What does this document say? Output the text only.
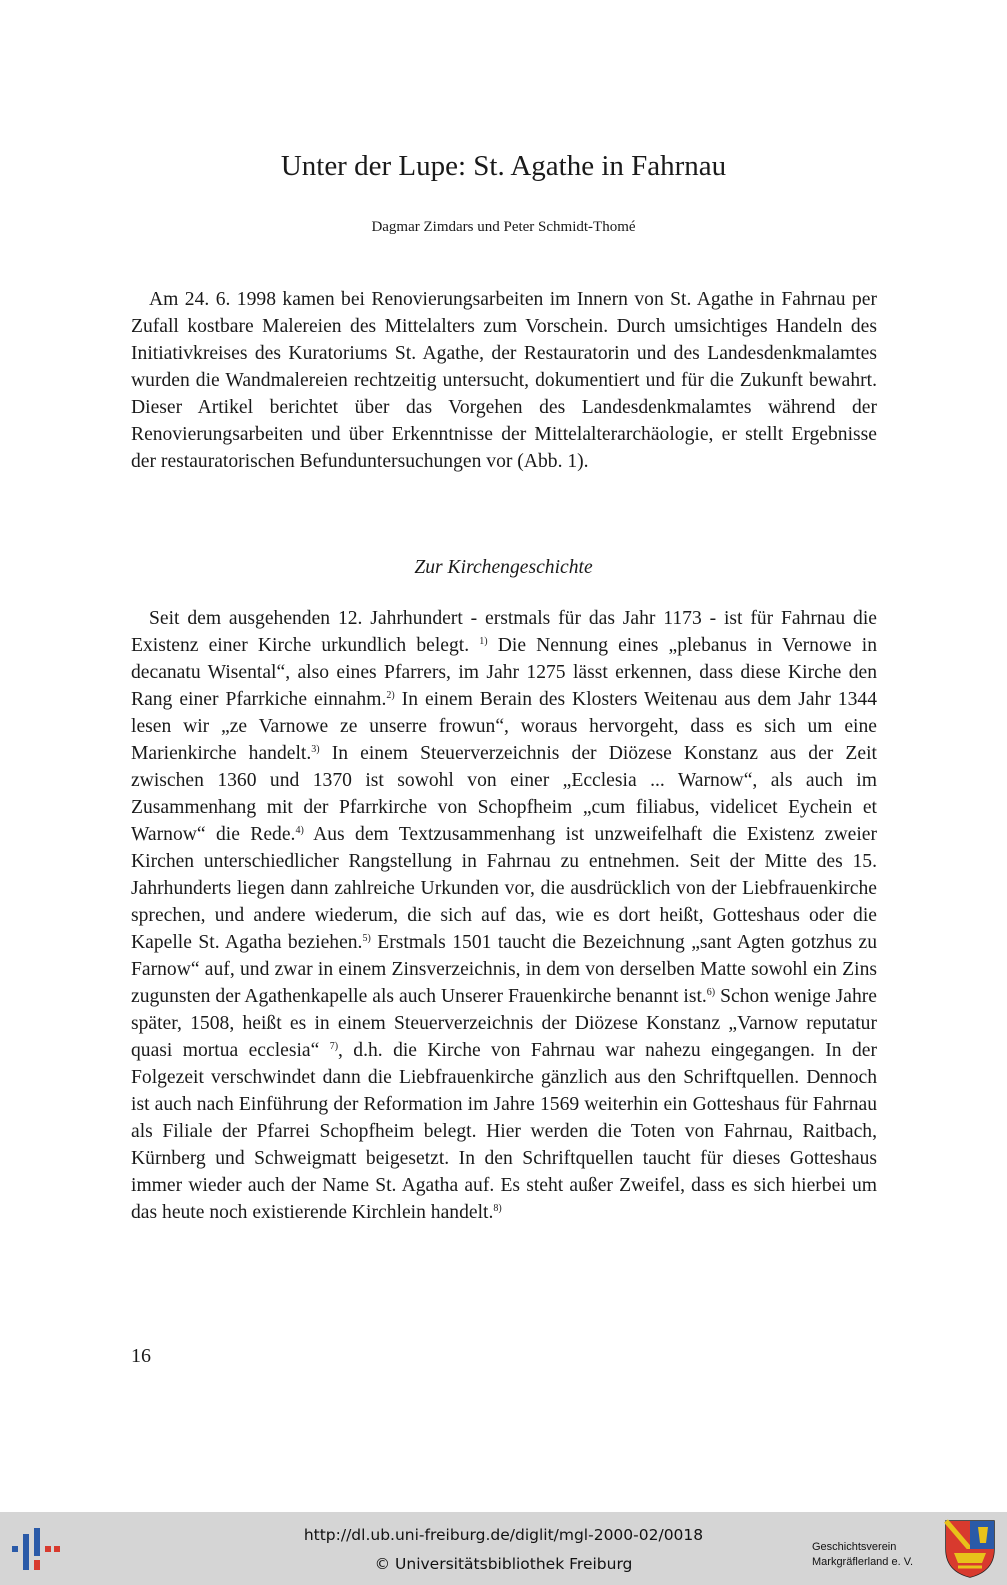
Unter der Lupe: St. Agathe in Fahrnau

Dagmar Zimdars und Peter Schmidt-Thomé

Am 24. 6. 1998 kamen bei Renovierungsarbeiten im Innern von St. Agathe in Fahrnau per Zufall kostbare Malereien des Mittelalters zum Vorschein. Durch umsichtiges Handeln des Initiativkreises des Kuratoriums St. Agathe, der Restauratorin und des Landesdenkmalamtes wurden die Wandmalereien rechtzeitig untersucht, dokumentiert und für die Zukunft bewahrt. Dieser Artikel berichtet über das Vorgehen des Landesdenkmalamtes während der Renovierungsarbeiten und über Erkenntnisse der Mittelalterarchäologie, er stellt Ergebnisse der restauratorischen Befunduntersuchungen vor (Abb. 1).

Zur Kirchengeschichte

Seit dem ausgehenden 12. Jahrhundert - erstmals für das Jahr 1173 - ist für Fahrnau die Existenz einer Kirche urkundlich belegt. $^{1)}$ Die Nennung eines „plebanus in Vernowe in decanatu Wisental“, also eines Pfarrers, im Jahr 1275 lässt erkennen, dass diese Kirche den Rang einer Pfarrkiche einnahm.$^{2)}$ In einem Berain des Klosters Weitenau aus dem Jahr 1344 lesen wir „ze Varnowe ze unserre frowun“, woraus hervorgeht, dass es sich um eine Marienkirche handelt.$^{3)}$ In einem Steuerverzeichnis der Diözese Konstanz aus der Zeit zwischen 1360 und 1370 ist sowohl von einer „Ecclesia ... Warnow“, als auch im Zusammenhang mit der Pfarrkirche von Schopfheim „cum filiabus, videlicet Eychein et Warnow“ die Rede.$^{4)}$ Aus dem Textzusammenhang ist unzweifelhaft die Existenz zweier Kirchen unterschiedlicher Rangstellung in Fahrnau zu entnehmen. Seit der Mitte des 15. Jahrhunderts liegen dann zahlreiche Urkunden vor, die ausdrücklich von der Liebfrauenkirche sprechen, und andere wiederum, die sich auf das, wie es dort heißt, Gotteshaus oder die Kapelle St. Agatha beziehen.$^{5)}$ Erstmals 1501 taucht die Bezeichnung „sant Agten gotzhus zu Farnow“ auf, und zwar in einem Zinsverzeichnis, in dem von derselben Matte sowohl ein Zins zugunsten der Agathenkapelle als auch Unserer Frauenkirche benannt ist.$^{6)}$ Schon wenige Jahre später, 1508, heißt es in einem Steuerverzeichnis der Diözese Konstanz „Varnow reputatur quasi mortua ecclesia“ $^{7)}$, d.h. die Kirche von Fahrnau war nahezu eingegangen. In der Folgezeit verschwindet dann die Liebfrauenkirche gänzlich aus den Schriftquellen. Dennoch ist auch nach Einführung der Reformation im Jahre 1569 weiterhin ein Gotteshaus für Fahrnau als Filiale der Pfarrei Schopfheim belegt. Hier werden die Toten von Fahrnau, Raitbach, Kürnberg und Schweigmatt beigesetzt. In den Schriftquellen taucht für dieses Gotteshaus immer wieder auch der Name St. Agatha auf. Es steht außer Zweifel, dass es sich hierbei um das heute noch existierende Kirchlein handelt.$^{8)}$

16
http://dl.ub.uni-freiburg.de/diglit/mgl-2000-02/0018
© Universitätsbibliothek Freiburg
Geschichtsverein
Markgräflerland e. V.
